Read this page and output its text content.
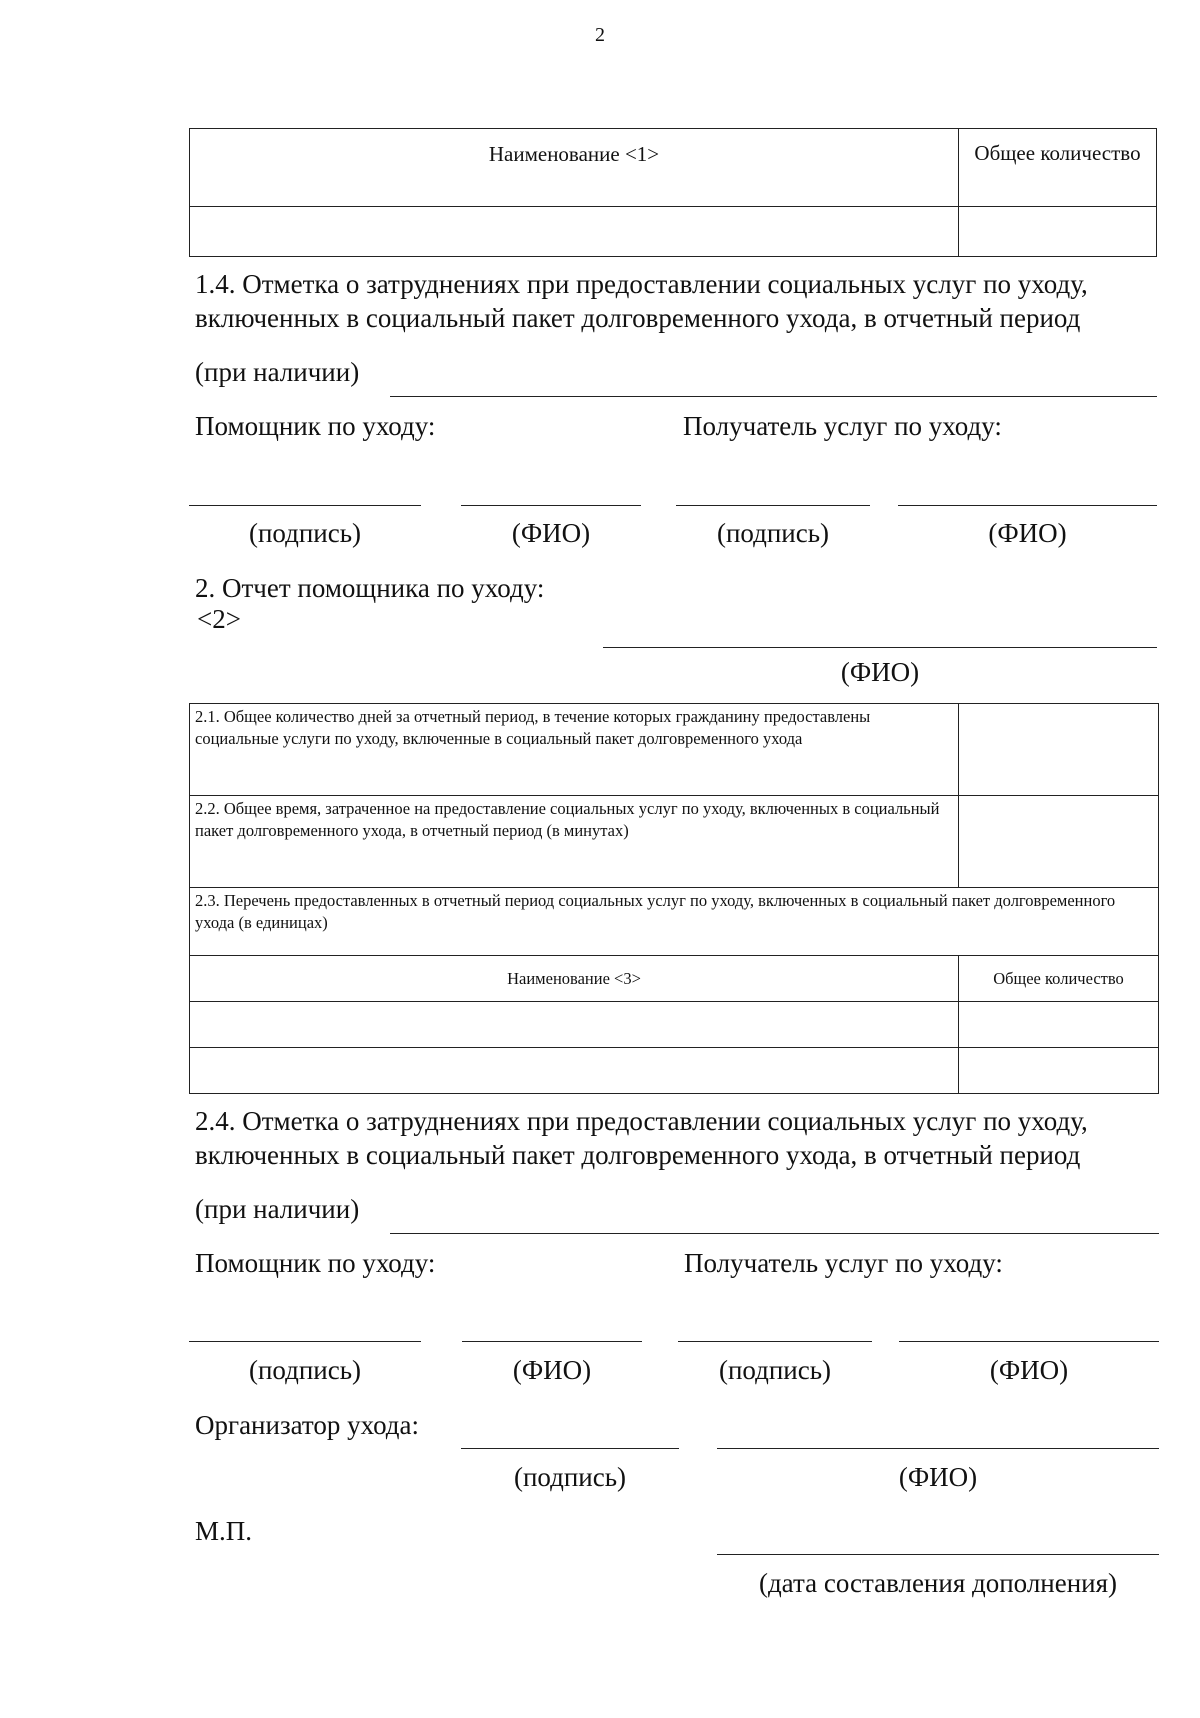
2
Наименование <1>	Общее количество

1.4. Отметка о затруднениях при предоставлении социальных услуг по уходу,
включенных в социальный пакет долговременного ухода, в отчетный период
(при наличии)
Помощник по уходу:	Получатель услуг по уходу:
(подпись)	(ФИО)	(подпись)	(ФИО)
2. Отчет помощника по уходу:
<2>
(ФИО)
2.1. Общее количество дней за отчетный период, в течение которых гражданину предоставлены социальные услуги по уходу, включенные в социальный пакет долговременного ухода	
2.2. Общее время, затраченное на предоставление социальных услуг по уходу, включенных в социальный пакет долговременного ухода, в отчетный период (в минутах)	
2.3. Перечень предоставленных в отчетный период социальных услуг по уходу, включенных в социальный пакет долговременного ухода (в единицах)	
Наименование <3>	Общее количество

2.4. Отметка о затруднениях при предоставлении социальных услуг по уходу,
включенных в социальный пакет долговременного ухода, в отчетный период
(при наличии)
Помощник по уходу:	Получатель услуг по уходу:
(подпись)	(ФИО)	(подпись)	(ФИО)
Организатор ухода:
(подпись)	(ФИО)
М.П.
(дата составления дополнения)
